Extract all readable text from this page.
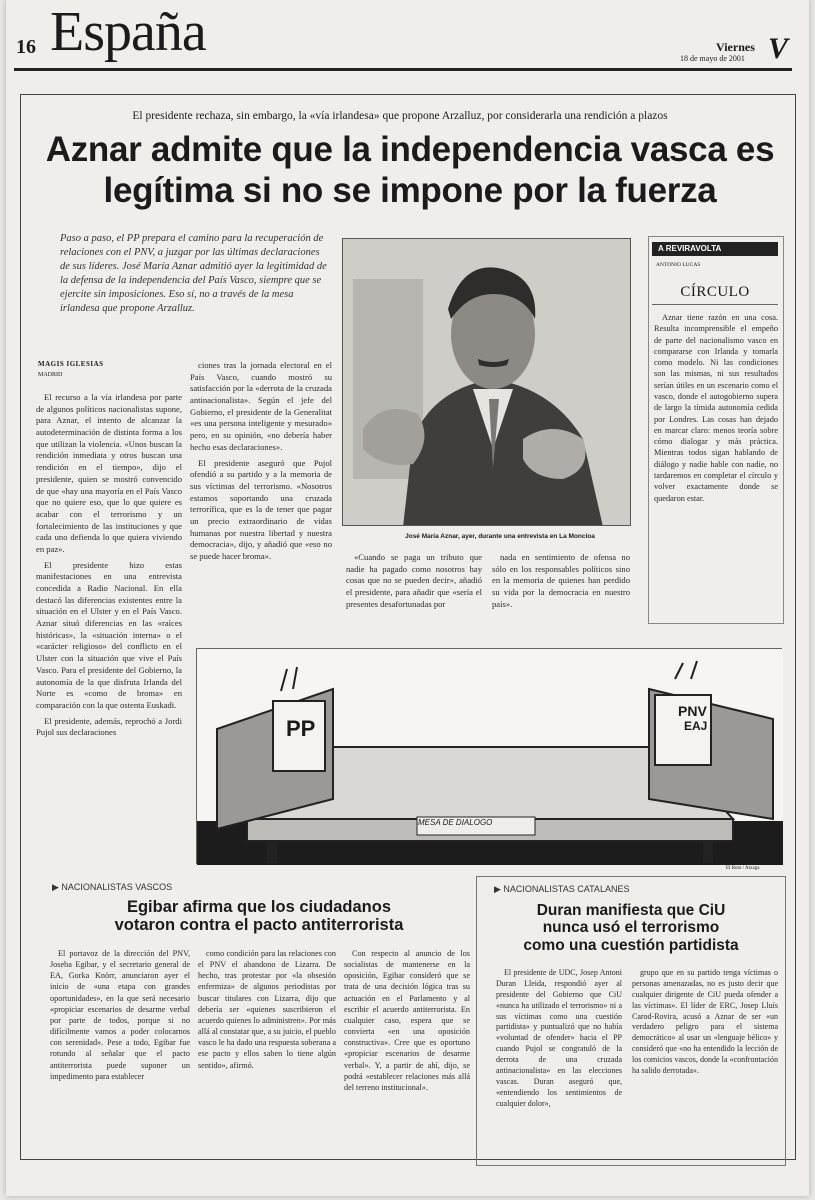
16 España	Viernes
18 de mayo de 2001 V
El presidente rechaza, sin embargo, la «vía irlandesa» que propone Arzalluz, por considerarla una rendición a plazos
Aznar admite que la independencia vasca es legítima si no se impone por la fuerza
Paso a paso, el PP prepara el camino para la recuperación de relaciones con el PNV, a juzgar por las últimas declaraciones de sus líderes. José María Aznar admitió ayer la legitimidad de la defensa de la independencia del País Vasco, siempre que se ejercite sin imposiciones. Eso sí, no a través de la mesa irlandesa que propone Arzalluz.
MAGIS IGLESIAS
MADRID

El recurso a la vía irlandesa por parte de algunos políticos nacionalistas supone, para Aznar, el intento de alcanzar la autodeterminación de distinta forma a los que utilizan la violencia. «Unos buscan la rendición inmediata y otros buscan una rendición en el tiempo», dijo el presidente, quien se mostró convencido de que «hay una mayoría en el País Vasco que no quiere eso, que lo que quiere es acabar con el terrorismo y un fortalecimiento de las instituciones y que cada uno defienda lo que quiera viviendo en paz».

El presidente hizo estas manifestaciones en una entrevista concedida a Radio Nacional. En ella destacó las diferencias existentes entre la situación en el Ulster y en el País Vasco. Aznar situó diferencias en las «raíces históricas», la «situación interna» o el «carácter religioso» del conflicto en el Ulster con la situación que vive el País Vasco. Para el presidente del Gobierno, la autonomía de la que disfruta Irlanda del Norte es «como de broma» en comparación con la que ostenta Euskadi.

El presidente, además, reprochó a Jordi Pujol sus declaraciones

ciones tras la jornada electoral en el País Vasco, cuando mostró su satisfacción por la «derrota de la cruzada antinacionalista». Según el jefe del Gobierno, el presidente de la Generalitat «es una persona inteligente y mesurado» pero, en su opinión, «no debería haber hecho esas declaraciones».

El presidente aseguró que Pujol ofendió a su partido y a la memoria de sus víctimas del terrorismo. «Nosotros estamos soportando una cruzada terrorífica, que es la de tener que pagar un precio extraordinario de vidas humanas por nuestra libertad y nuestra democracia», dijo, y añadió que «eso no se puede hacer broma».	«Cuando se paga un tributo que nadie ha pagado como nosotros hay cosas que no se pueden decir», añadió el presidente, para añadir que «sería el presentes desafortunadas por

nada en sentimiento de ofensa no sólo en los responsables políticos sino en la memoria de quienes han perdido su vida por la democracia en nuestro país».

José María Aznar, ayer, durante una entrevista en La Moncloa
A REVIRAVOLTA
ANTONIO LUCAS
CÍRCULO

Aznar tiene razón en una cosa. Resulta incomprensible el empeño de parte del nacionalismo vasco en compararse con Irlanda y tomarla como modelo. Ni las condiciones son las mismas, ni sus resultados serían útiles en un escenario como el vasco, donde el autogobierno supera de largo la tímida autonomía cedida por Londres. Las cosas han dejado en marcar claro: menos teoría sobre cómo dialogar y más práctica. Mientras todos sigan hablando de diálogo y nadie hable con nadie, no tardaremos en completar el círculo y volver exactamente donde se quedaron estar.

PP
PNV
EAJ
MESA DE DIALOGO
El Roto / Atxaga
▶ NACIONALISTAS VASCOS
Egibar afirma que los ciudadanos
votaron contra el pacto antiterrorista

El portavoz de la dirección del PNV, Joseba Egibar, y el secretario general de EA, Gorka Knörr, anunciaron ayer el inicio de «una etapa con grandes oportunidades», en la que será necesario «propiciar escenarios de desarme verbal por parte de todos, porque si no difícilmente vamos a poder colocarnos con serenidad». Pese a todo, Egibar fue rotundo al señalar que el pacto antiterrorista puede suponer un impedimento para establecer

como condición para las relaciones con el PNV el abandono de Lizarra. De hecho, tras protestar por «la obsesión enfermiza» de algunos periodistas por buscar titulares con Lizarra, dijo que debería ser «quienes suscribieron el acuerdo quienes lo administren». Por más allá al constatar que, a su juicio, el pueblo vasco le ha dado una respuesta soberana a ese pacto y ellos saben lo tiene algún sentido», afirmó.

Con respecto al anuncio de los socialistas de mantenerse en la oposición, Egibar consideró que se trata de una decisión lógica tras su actuación en el Parlamento y al escribir el acuerdo antiterrorista. En cualquier caso, espera que se convierta «en una oposición constructiva». Cree que es oportuno «propiciar escenarios de desarme verbal». Y, a partir de ahí, dijo, se podrá «establecer relaciones más allá del terreno institucional».

▶ NACIONALISTAS CATALANES
Duran manifiesta que CiU
nunca usó el terrorismo
como una cuestión partidista

El presidente de UDC, Josep Antoni Duran Lleida, respondió ayer al presidente del Gobierno que CiU «nunca ha utilizado el terrorismo» ni a sus víctimas como una cuestión partidista» y puntualizó que no había «voluntad de ofender» hacia el PP cuando Pujol se congratuló de la derrota de una cruzada antinacionalista» en las elecciones vascas. Duran aseguró que, «entendiendo los sentimientos de cualquier dolor»,

grupo que en su partido tenga víctimas o personas amenazadas, no es justo decir que cualquier dirigente de CiU pueda ofender a las víctimas». El líder de ERC, Josep Lluís Carod-Rovira, acusó a Aznar de ser «un verdadero peligro para el sistema democrático» al usar un «lenguaje bélico» y consideró que «no ha entendido la lección de los comicios vascos, donde la «confrontación ha salido derrotada».
